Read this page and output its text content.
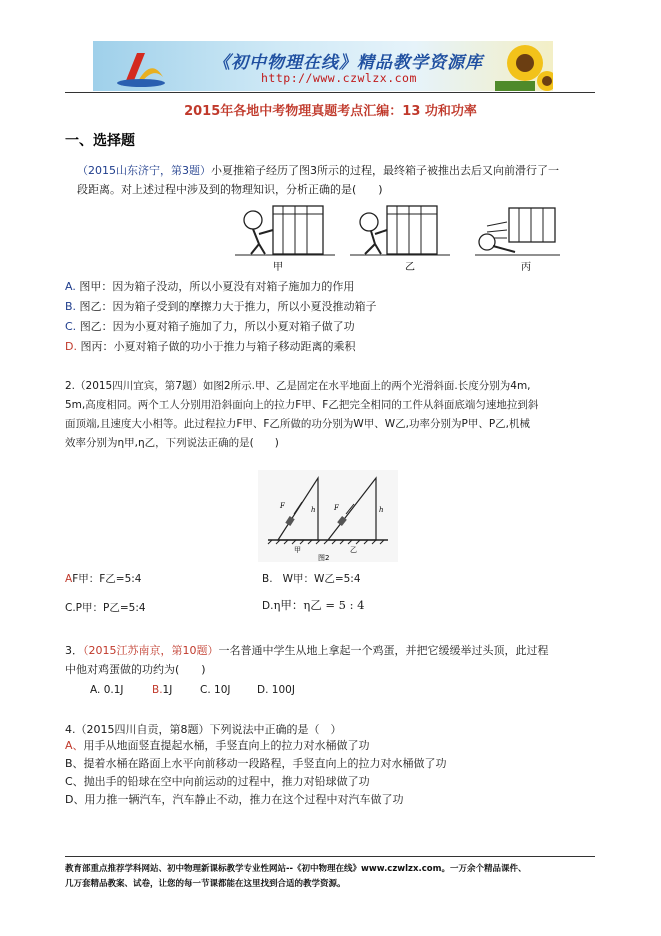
《初中物理在线》精品教学资源库
http://www.czwlzx.com
2015年各地中考物理真题考点汇编：13 功和功率
一、选择题
（2015山东济宁，第3题）小夏推箱子经历了图3所示的过程，最终箱子被推出去后又向前滑行了一
段距离。对上述过程中涉及到的物理知识，分析正确的是(　　)
甲	乙	丙
A. 图甲：因为箱子没动，所以小夏没有对箱子施加力的作用
B. 图乙：因为箱子受到的摩擦力大于推力，所以小夏没推动箱子
C. 图乙：因为小夏对箱子施加了力，所以小夏对箱子做了功
D. 图丙：小夏对箱子做的功小于推力与箱子移动距离的乘积
2.（2015四川宜宾，第7题）如图2所示.甲、乙是固定在水平地面上的两个光滑斜面.长度分别为4m,
5m,高度相同。两个工人分别用沿斜面向上的拉力F甲、F乙把完全相同的工件从斜面底端匀速地拉到斜
面顶端,且速度大小相等。此过程拉力F甲、F乙所做的功分别为W甲、W乙,功率分别为P甲、P乙,机械
效率分别为η甲,η乙，下列说法正确的是(　　)
F	F
h	h
甲	乙
图2
AF甲：F乙=5:4	B. W甲：W乙=5:4
C.P甲：P乙=5:4	D.η甲：η乙 = 5 : 4
3．（2015江苏南京，第10题）一名普通中学生从地上拿起一个鸡蛋，并把它缓缓举过头顶，此过程
中他对鸡蛋做的功约为(　　)
A. 0.1J	B.1J	C. 10J	D. 100J
4.（2015四川自贡，第8题）下列说法中正确的是（　）
A、用手从地面竖直提起水桶，手竖直向上的拉力对水桶做了功
B、提着水桶在路面上水平向前移动一段路程，手竖直向上的拉力对水桶做了功
C、抛出手的铅球在空中向前运动的过程中，推力对铅球做了功
D、用力推一辆汽车，汽车静止不动，推力在这个过程中对汽车做了功
教育部重点推荐学科网站、初中物理新课标教学专业性网站--《初中物理在线》www.czwlzx.com。一万余个精品课件、
几万套精品教案、试卷，让您的每一节课都能在这里找到合适的教学资源。
